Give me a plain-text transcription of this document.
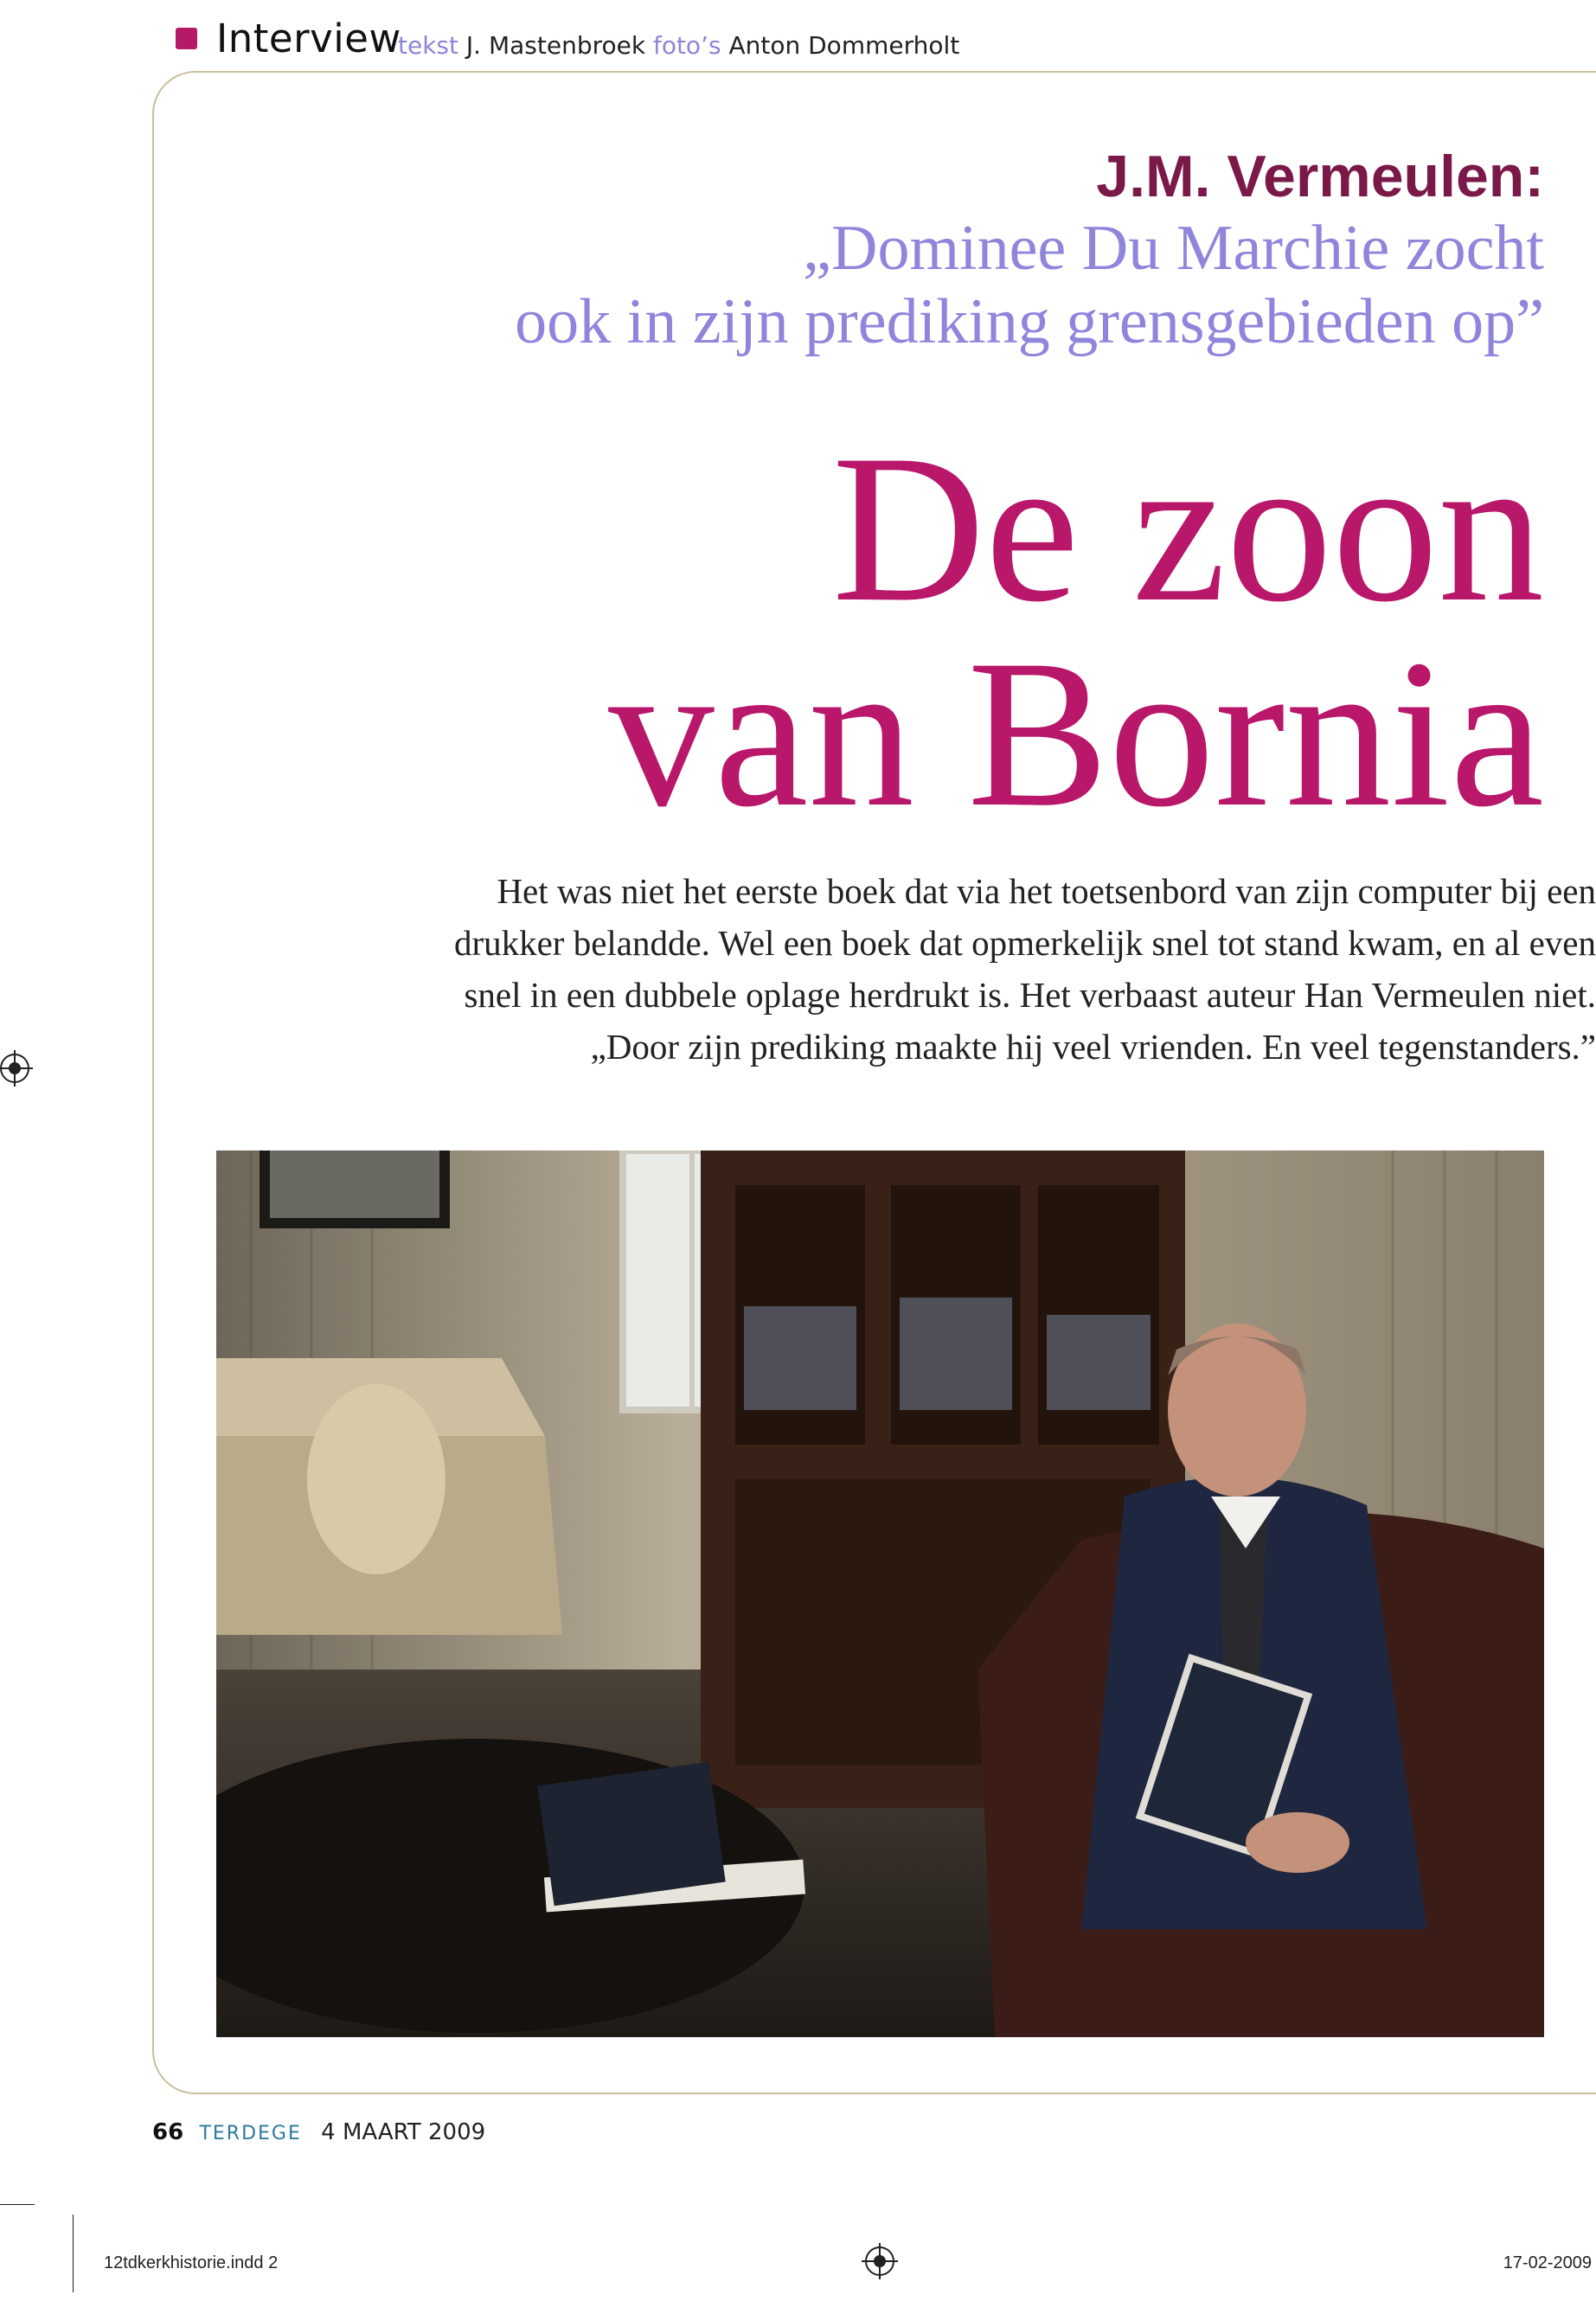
Interview
tekst J. Mastenbroek foto’s Anton Dommerholt
J.M. Vermeulen:
„Dominee Du Marchie zocht
ook in zijn prediking grensgebieden op”
De zoon
van Bornia
Het was niet het eerste boek dat via het toetsenbord van zijn computer bij een
drukker belandde. Wel een boek dat opmerkelijk snel tot stand kwam, en al even
snel in een dubbele oplage herdrukt is. Het verbaast auteur Han Vermeulen niet.
„Door zijn prediking maakte hij veel vrienden. En veel tegenstanders.”
66 TERDEGE 4 MAART 2009
12tdkerkhistorie.indd 2	17-02-2009
